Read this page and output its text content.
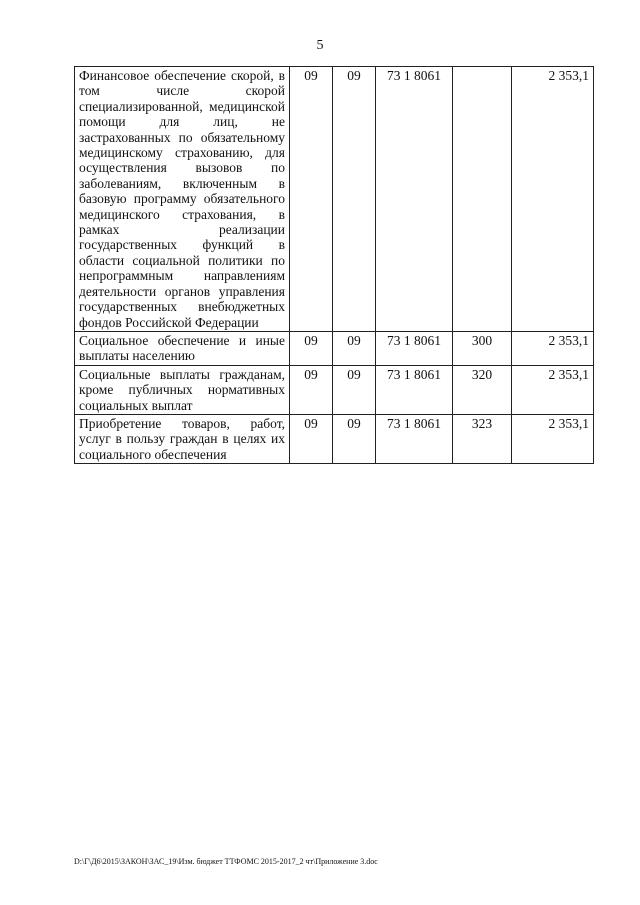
5
Финансовое обеспечение скорой, в том числе скорой специализированной, медицинской помощи для лиц, не застрахованных по обязательному медицинскому страхованию, для осуществления вызовов по заболеваниям, включенным в базовую программу обязательного медицинского страхования, в рамках реализации государственных функций в области социальной политики по непрограммным направлениям деятельности органов управления государственных внебюджетных фондов Российской Федерации	09	09	73 1 8061		2 353,1
Социальное обеспечение и иные выплаты населению	09	09	73 1 8061	300	2 353,1
Социальные выплаты гражданам, кроме публичных нормативных социальных выплат	09	09	73 1 8061	320	2 353,1
Приобретение товаров, работ, услуг в пользу граждан в целях их социального обеспечения	09	09	73 1 8061	323	2 353,1
D:\Г\Д6\2015\ЗАКОН\ЗАС_19\Изм. бюджет ТТФОМС 2015-2017_2 чт\Приложение 3.doc
